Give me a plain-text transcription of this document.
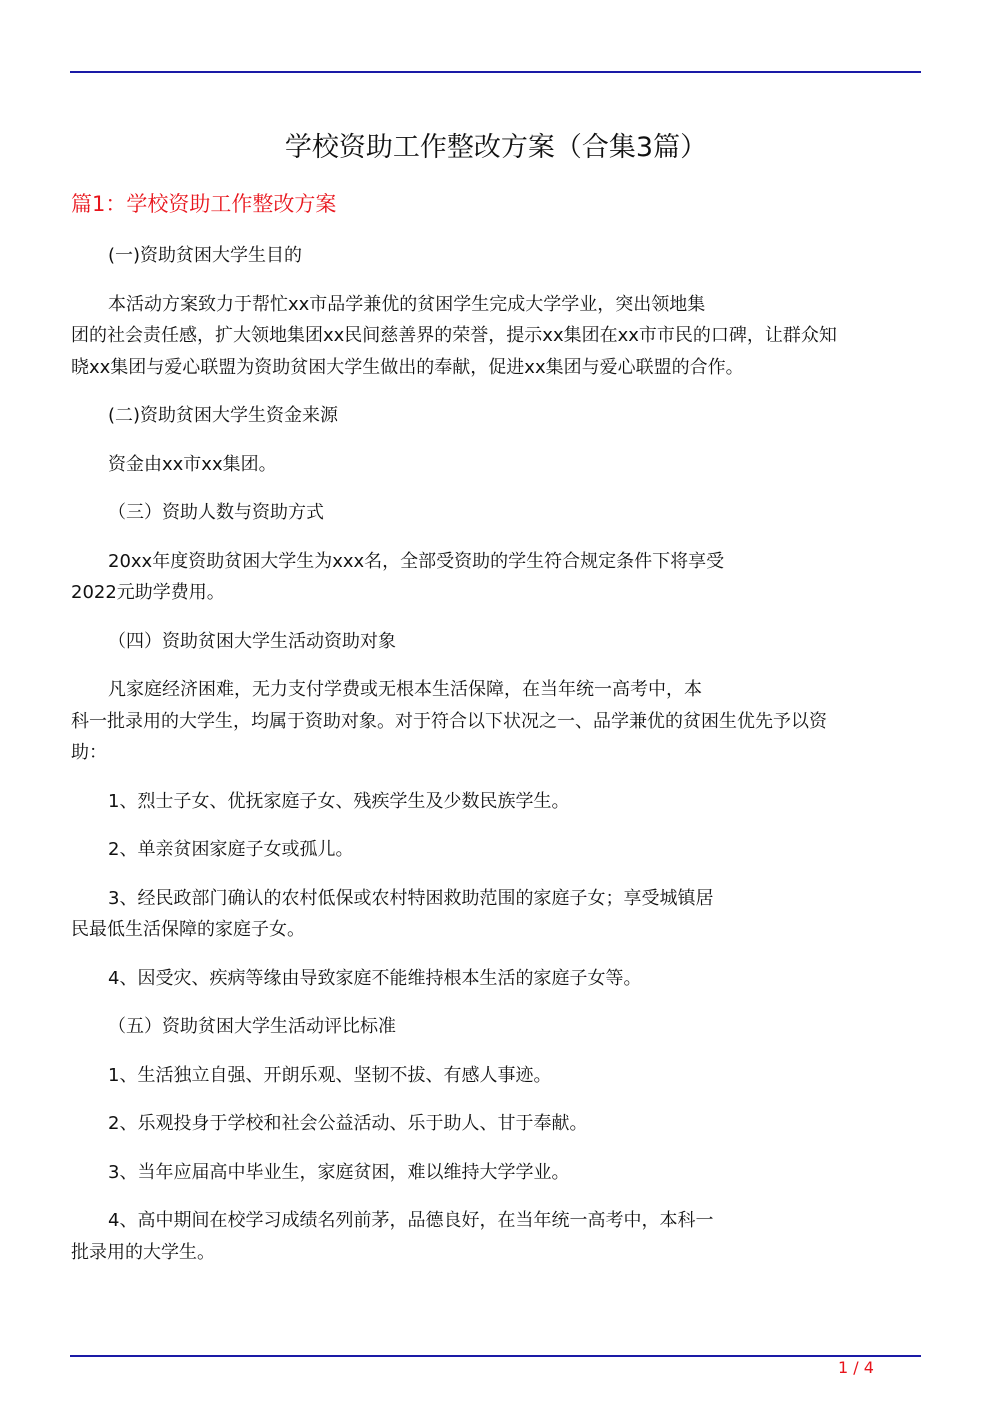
学校资助工作整改方案（合集3篇）
篇1：学校资助工作整改方案
(一)资助贫困大学生目的
本活动方案致力于帮忙xx市品学兼优的贫困学生完成大学学业，突出领地集
团的社会责任感，扩大领地集团xx民间慈善界的荣誉，提示xx集团在xx市市民的口碑，让群众知
晓xx集团与爱心联盟为资助贫困大学生做出的奉献，促进xx集团与爱心联盟的合作。
(二)资助贫困大学生资金来源
资金由xx市xx集团。
（三）资助人数与资助方式
20xx年度资助贫困大学生为xxx名，全部受资助的学生符合规定条件下将享受
2022元助学费用。
（四）资助贫困大学生活动资助对象
凡家庭经济困难，无力支付学费或无根本生活保障，在当年统一高考中，本
科一批录用的大学生，均属于资助对象。对于符合以下状况之一、品学兼优的贫困生优先予以资
助：
1、烈士子女、优抚家庭子女、残疾学生及少数民族学生。
2、单亲贫困家庭子女或孤儿。
3、经民政部门确认的农村低保或农村特困救助范围的家庭子女；享受城镇居
民最低生活保障的家庭子女。
4、因受灾、疾病等缘由导致家庭不能维持根本生活的家庭子女等。
（五）资助贫困大学生活动评比标准
1、生活独立自强、开朗乐观、坚韧不拔、有感人事迹。
2、乐观投身于学校和社会公益活动、乐于助人、甘于奉献。
3、当年应届高中毕业生，家庭贫困，难以维持大学学业。
4、高中期间在校学习成绩名列前茅，品德良好，在当年统一高考中，本科一
批录用的大学生。
1 / 4
